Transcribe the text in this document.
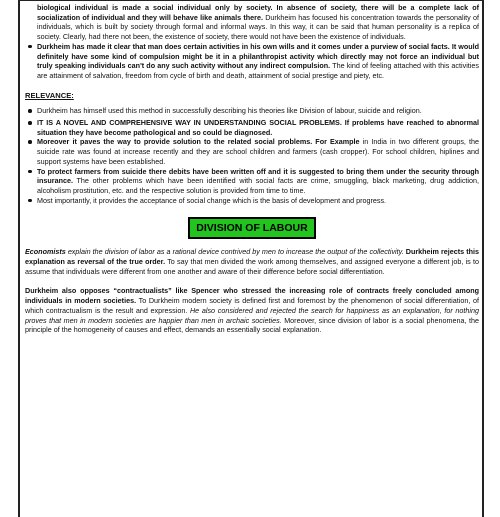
biological individual is made a social individual only by society. In absence of society, there will be a complete lack of socialization of individual and they will behave like animals there. Durkheim has focused his concentration towards the personality of individuals, which is built by society through formal and informal ways. In this way, it can be said that human personality is a replica of society. Clearly, had there not been, the existence of society, there would not have been the existence of individuals.

Durkheim has made it clear that man does certain activities in his own wills and it comes under a purview of social facts. It would definitely have some kind of compulsion might be it in a philanthropist activity which directly may not force an individual but truly speaking individuals can't do any such activity without any indirect compulsion. The kind of feeling attached with this activities are attainment of salvation, freedom from cycle of birth and death, attainment of social prestige and piety, etc.
RELEVANCE:
Durkheim has himself used this method in successfully describing his theories like Division of labour, suicide and religion.
IT IS A NOVEL AND COMPREHENSIVE WAY IN UNDERSTANDING SOCIAL PROBLEMS. If problems have reached to abnormal situation they have become pathological and so could be diagnosed.
Moreover it paves the way to provide solution to the related social problems. For Example in India in two different groups, the suicide rate was found at increase recently and they are school children and farmers (cash cropper). For school children, hiplines and support systems have been established.
To protect farmers from suicide there debits have been written off and it is suggested to bring them under the security through insurance. The other problems which have been identified with social facts are crime, smuggling, black marketing, drug addiction, alcoholism prostitution, etc. and the respective solution is provided from time to time.
Most importantly, it provides the acceptance of social change which is the basis of development and progress.
DIVISION OF LABOUR

Economists explain the division of labor as a rational device contrived by men to increase the output of the collectivity. Durkheim rejects this explanation as reversal of the true order. To say that men divided the work among themselves, and assigned everyone a different job, is to assume that individuals were different from one another and aware of their difference before social differentiation.

Durkheim also opposes “contractualists” like Spencer who stressed the increasing role of contracts freely concluded among individuals in modern societies. To Durkheim modern society is defined first and foremost by the phenomenon of social differentiation, of which contractualism is the result and expression. He also considered and rejected the search for happiness as an explanation, for nothing proves that men in modern societies are happier than men in archaic societies. Moreover, since division of labor is a social phenomena, the principle of the homogeneity of causes and effect, demands an essentially social explanation.
